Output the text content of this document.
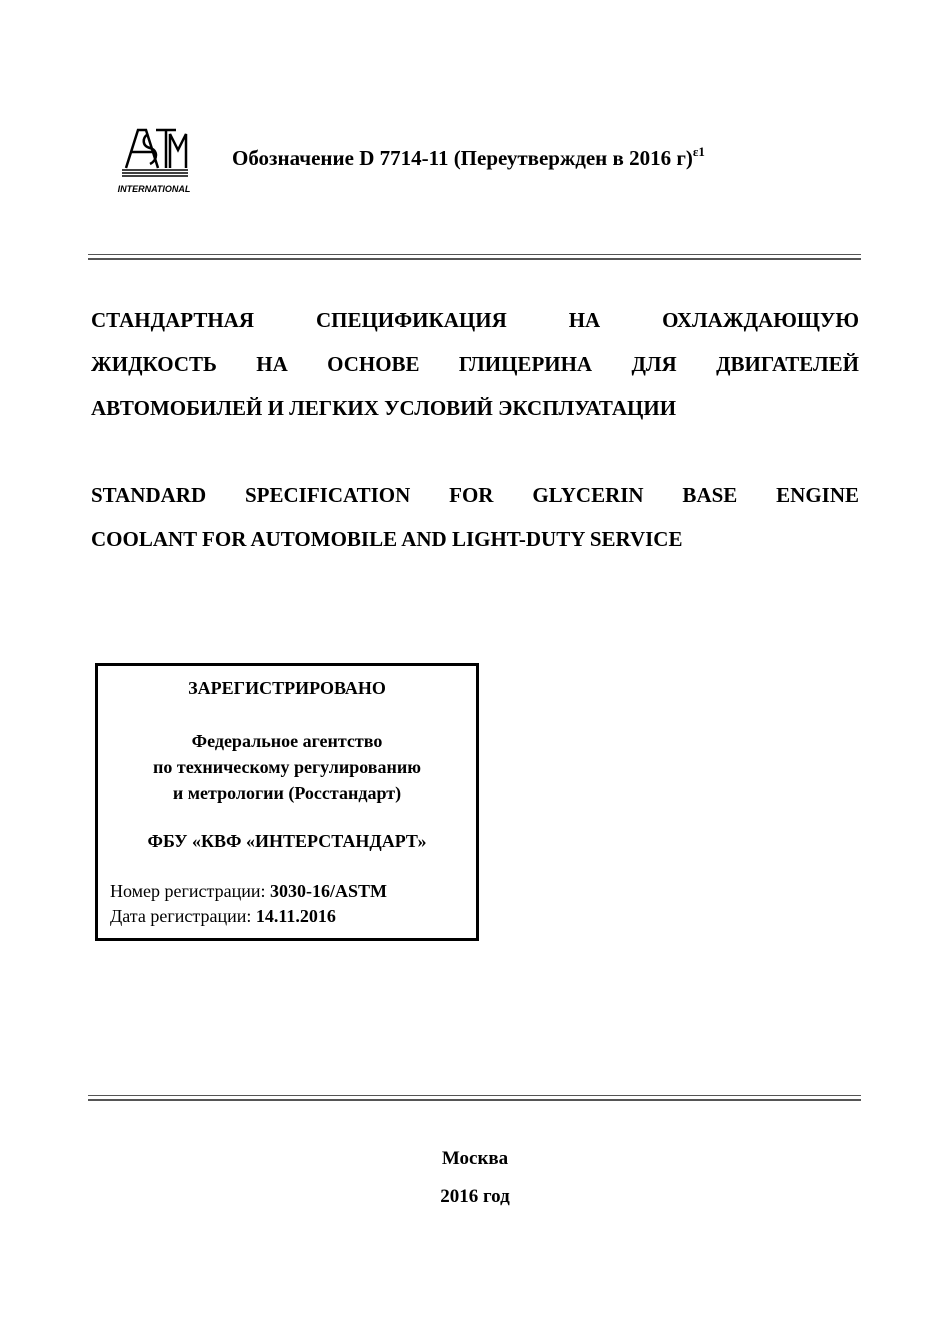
INTERNATIONAL
Обозначение D 7714-11 (Переутвержден в 2016 г)$^{\varepsilon 1}$
СТАНДАРТНАЯ СПЕЦИФИКАЦИЯ НА ОХЛАЖДАЮЩУЮ
ЖИДКОСТЬ НА ОСНОВЕ ГЛИЦЕРИНА ДЛЯ ДВИГАТЕЛЕЙ
АВТОМОБИЛЕЙ И ЛЕГКИХ УСЛОВИЙ ЭКСПЛУАТАЦИИ
STANDARD SPECIFICATION FOR GLYCERIN BASE ENGINE
COOLANT FOR AUTOMOBILE AND LIGHT-DUTY SERVICE
ЗАРЕГИСТРИРОВАНО
Федеральное агентство
по техническому регулированию
и метрологии (Росстандарт)
ФБУ «КВФ «ИНТЕРСТАНДАРТ»
Номер регистрации: 3030-16/ASTM
Дата регистрации: 14.11.2016
Москва
2016 год
